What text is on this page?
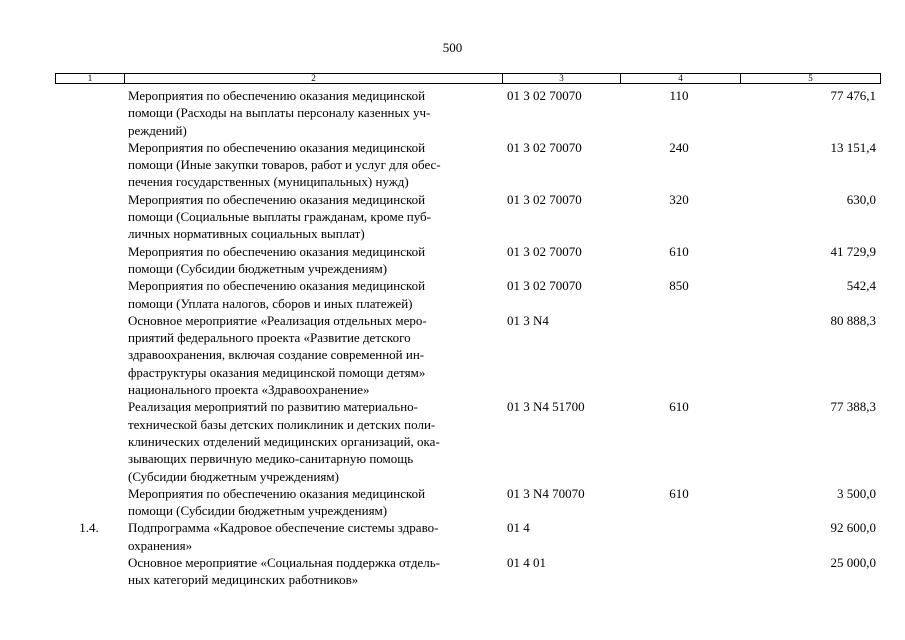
500
1	2	3	4	5
Мероприятия по обеспечению оказания медицинской
помощи (Расходы на выплаты персоналу казенных уч-
реждений)
01 3 02 70070	110	77 476,1
Мероприятия по обеспечению оказания медицинской
помощи (Иные закупки товаров, работ и услуг для обес-
печения государственных (муниципальных) нужд)
01 3 02 70070	240	13 151,4
Мероприятия по обеспечению оказания медицинской
помощи (Социальные выплаты гражданам, кроме пуб-
личных нормативных социальных выплат)
01 3 02 70070	320	630,0
Мероприятия по обеспечению оказания медицинской
помощи (Субсидии бюджетным учреждениям)
01 3 02 70070	610	41 729,9
Мероприятия по обеспечению оказания медицинской
помощи (Уплата налогов, сборов и иных платежей)
01 3 02 70070	850	542,4
Основное мероприятие «Реализация отдельных меро-
приятий федерального проекта «Развитие детского
здравоохранения, включая создание современной ин-
фраструктуры оказания медицинской помощи детям»
национального проекта «Здравоохранение»
01 3 N4	80 888,3
Реализация мероприятий по развитию материально-
технической базы детских поликлиник и детских поли-
клинических отделений медицинских организаций, ока-
зывающих первичную медико-санитарную помощь
(Субсидии бюджетным учреждениям)
01 3 N4 51700	610	77 388,3
Мероприятия по обеспечению оказания медицинской
помощи (Субсидии бюджетным учреждениям)
01 3 N4 70070	610	3 500,0
1.4.	Подпрограмма «Кадровое обеспечение системы здраво-
охранения»
01 4	92 600,0
Основное мероприятие «Социальная поддержка отдель-
ных категорий медицинских работников»
01 4 01	25 000,0
